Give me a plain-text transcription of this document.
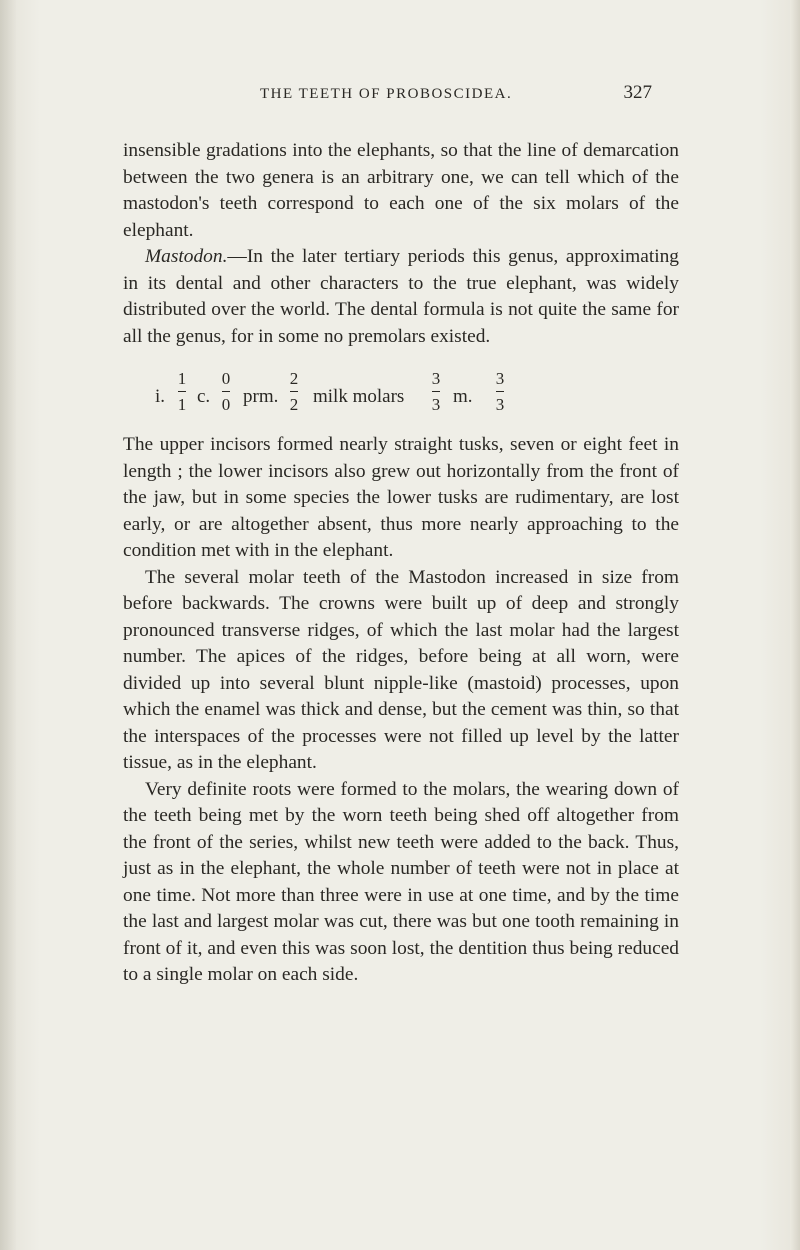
THE TEETH OF PROBOSCIDEA.	327

insensible gradations into the elephants, so that the line of demarcation between the two genera is an arbitrary one, we can tell which of the mastodon's teeth correspond to each one of the six molars of the elephant.

Mastodon.—In the later tertiary periods this genus, approximating in its dental and other characters to the true elephant, was widely distributed over the world. The dental formula is not quite the same for all the genus, for in some no premolars existed.

i.
1
1 c.
0
0 prm.
2
2 milk molars
3
3 m.
3
3

The upper incisors formed nearly straight tusks, seven or eight feet in length ; the lower incisors also grew out horizontally from the front of the jaw, but in some species the lower tusks are rudimentary, are lost early, or are altogether absent, thus more nearly approaching to the condition met with in the elephant.

The several molar teeth of the Mastodon increased in size from before backwards. The crowns were built up of deep and strongly pronounced transverse ridges, of which the last molar had the largest number. The apices of the ridges, before being at all worn, were divided up into several blunt nipple-like (mastoid) processes, upon which the enamel was thick and dense, but the cement was thin, so that the interspaces of the processes were not filled up level by the latter tissue, as in the elephant.

Very definite roots were formed to the molars, the wearing down of the teeth being met by the worn teeth being shed off altogether from the front of the series, whilst new teeth were added to the back. Thus, just as in the elephant, the whole number of teeth were not in place at one time. Not more than three were in use at one time, and by the time the last and largest molar was cut, there was but one tooth remaining in front of it, and even this was soon lost, the dentition thus being reduced to a single molar on each side.
